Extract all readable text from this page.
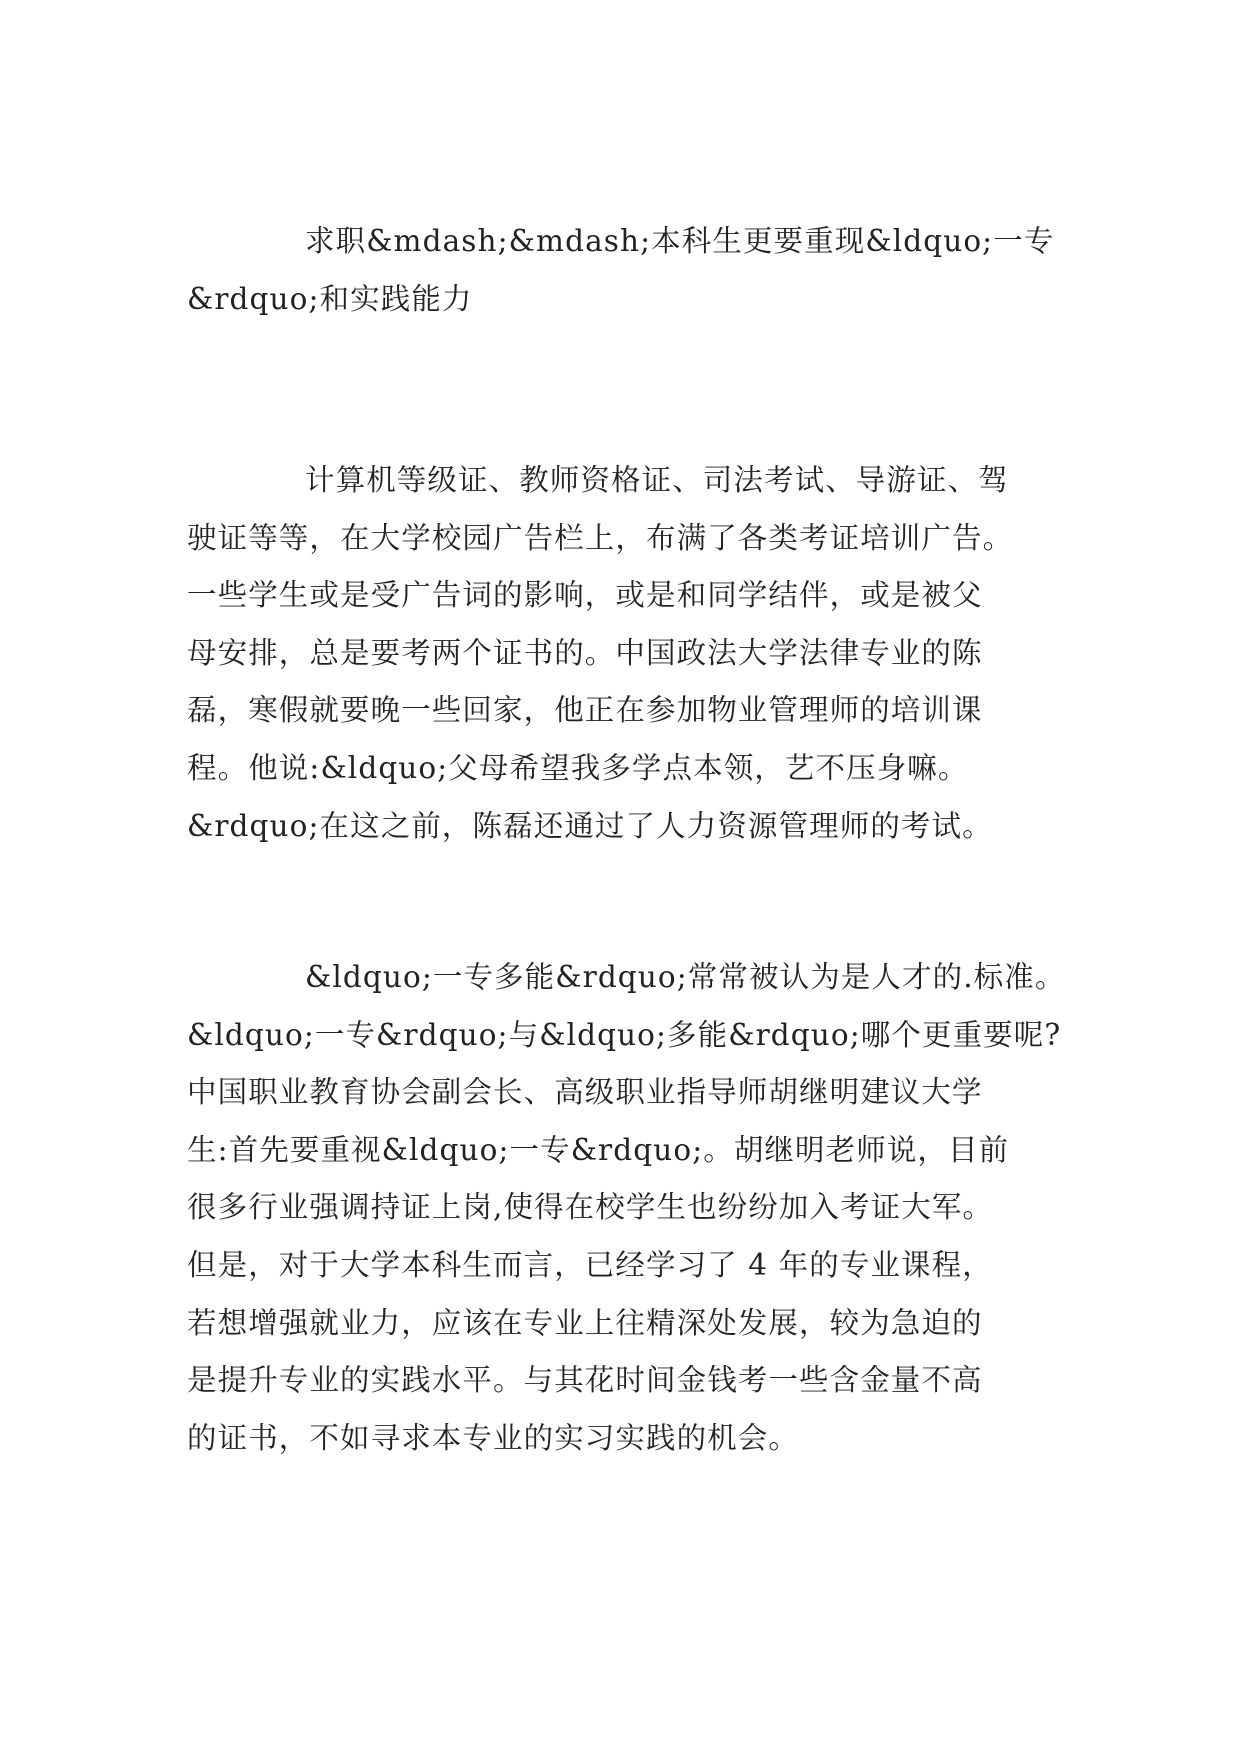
求职&mdash;&mdash;本科生更要重现&ldquo;一专
&rdquo;和实践能力
计算机等级证、教师资格证、司法考试、导游证、驾
驶证等等，在大学校园广告栏上，布满了各类考证培训广告。
一些学生或是受广告词的影响，或是和同学结伴，或是被父
母安排，总是要考两个证书的。中国政法大学法律专业的陈
磊，寒假就要晚一些回家，他正在参加物业管理师的培训课
程。他说:&ldquo;父母希望我多学点本领，艺不压身嘛。
&rdquo;在这之前，陈磊还通过了人力资源管理师的考试。
&ldquo;一专多能&rdquo;常常被认为是人才的.标准。
&ldquo;一专&rdquo;与&ldquo;多能&rdquo;哪个更重要呢?
中国职业教育协会副会长、高级职业指导师胡继明建议大学
生:首先要重视&ldquo;一专&rdquo;。胡继明老师说，目前
很多行业强调持证上岗,使得在校学生也纷纷加入考证大军。
但是，对于大学本科生而言，已经学习了 4 年的专业课程，
若想增强就业力，应该在专业上往精深处发展，较为急迫的
是提升专业的实践水平。与其花时间金钱考一些含金量不高
的证书，不如寻求本专业的实习实践的机会。
